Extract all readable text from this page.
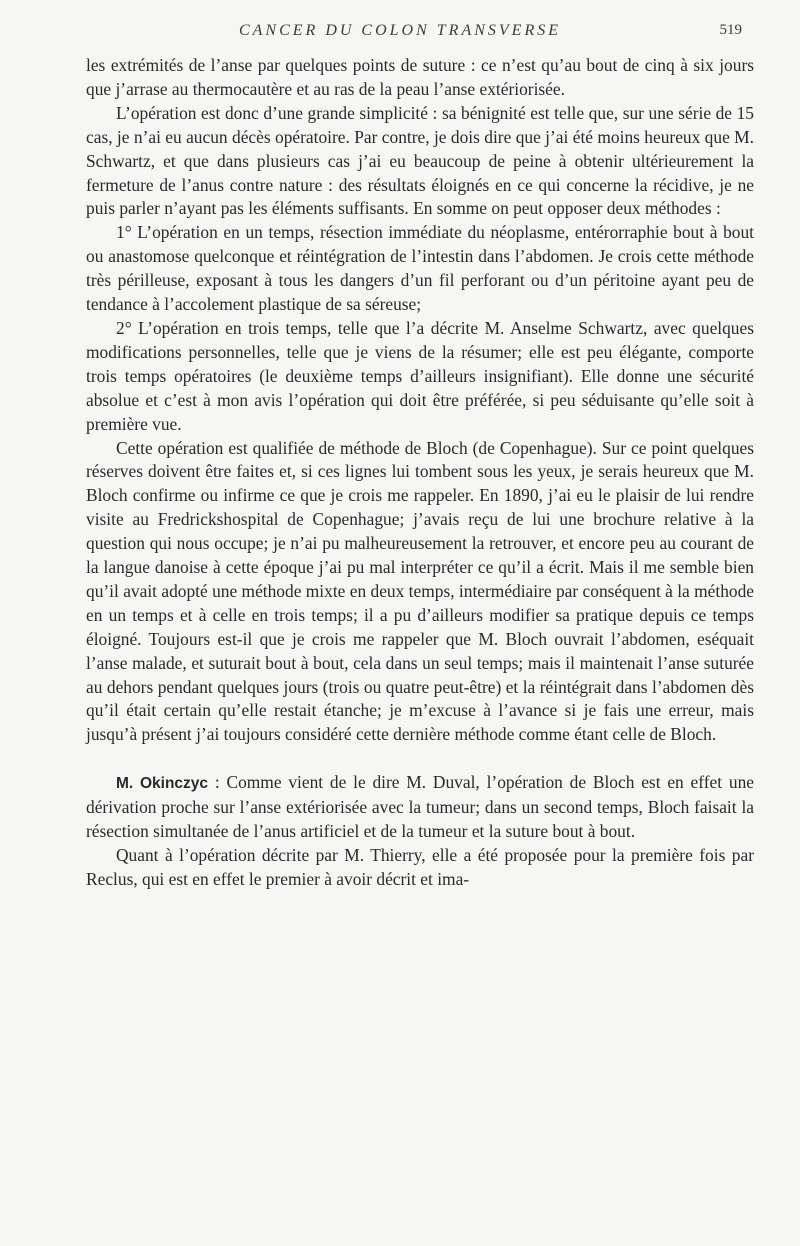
CANCER DU COLON TRANSVERSE	519

les extrémités de l’anse par quelques points de suture : ce n’est qu’au bout de cinq à six jours que j’arrase au thermocautère et au ras de la peau l’anse extériorisée.

L’opération est donc d’une grande simplicité : sa bénignité est telle que, sur une série de 15 cas, je n’ai eu aucun décès opératoire. Par contre, je dois dire que j’ai été moins heureux que M. Schwartz, et que dans plusieurs cas j’ai eu beaucoup de peine à obtenir ultérieurement la fermeture de l’anus contre nature : des résultats éloignés en ce qui concerne la récidive, je ne puis parler n’ayant pas les éléments suffisants. En somme on peut opposer deux méthodes :

1° L’opération en un temps, résection immédiate du néoplasme, entérorraphie bout à bout ou anastomose quelconque et réintégration de l’intestin dans l’abdomen. Je crois cette méthode très périlleuse, exposant à tous les dangers d’un fil perforant ou d’un péritoine ayant peu de tendance à l’accolement plastique de sa séreuse;

2° L’opération en trois temps, telle que l’a décrite M. Anselme Schwartz, avec quelques modifications personnelles, telle que je viens de la résumer; elle est peu élégante, comporte trois temps opératoires (le deuxième temps d’ailleurs insignifiant). Elle donne une sécurité absolue et c’est à mon avis l’opération qui doit être préférée, si peu séduisante qu’elle soit à première vue.

Cette opération est qualifiée de méthode de Bloch (de Copenhague). Sur ce point quelques réserves doivent être faites et, si ces lignes lui tombent sous les yeux, je serais heureux que M. Bloch confirme ou infirme ce que je crois me rappeler. En 1890, j’ai eu le plaisir de lui rendre visite au Fredrickshospital de Copenhague; j’avais reçu de lui une brochure relative à la question qui nous occupe; je n’ai pu malheureusement la retrouver, et encore peu au courant de la langue danoise à cette époque j’ai pu mal interpréter ce qu’il a écrit. Mais il me semble bien qu’il avait adopté une méthode mixte en deux temps, intermédiaire par conséquent à la méthode en un temps et à celle en trois temps; il a pu d’ailleurs modifier sa pratique depuis ce temps éloigné. Toujours est-il que je crois me rappeler que M. Bloch ouvrait l’abdomen, eséquait l’anse malade, et suturait bout à bout, cela dans un seul temps; mais il maintenait l’anse suturée au dehors pendant quelques jours (trois ou quatre peut-être) et la réintégrait dans l’abdomen dès qu’il était certain qu’elle restait étanche; je m’excuse à l’avance si je fais une erreur, mais jusqu’à présent j’ai toujours considéré cette dernière méthode comme étant celle de Bloch.

M. Okinczyc : Comme vient de le dire M. Duval, l’opération de Bloch est en effet une dérivation proche sur l’anse extériorisée avec la tumeur; dans un second temps, Bloch faisait la résection simultanée de l’anus artificiel et de la tumeur et la suture bout à bout.

Quant à l’opération décrite par M. Thierry, elle a été proposée pour la première fois par Reclus, qui est en effet le premier à avoir décrit et ima-
